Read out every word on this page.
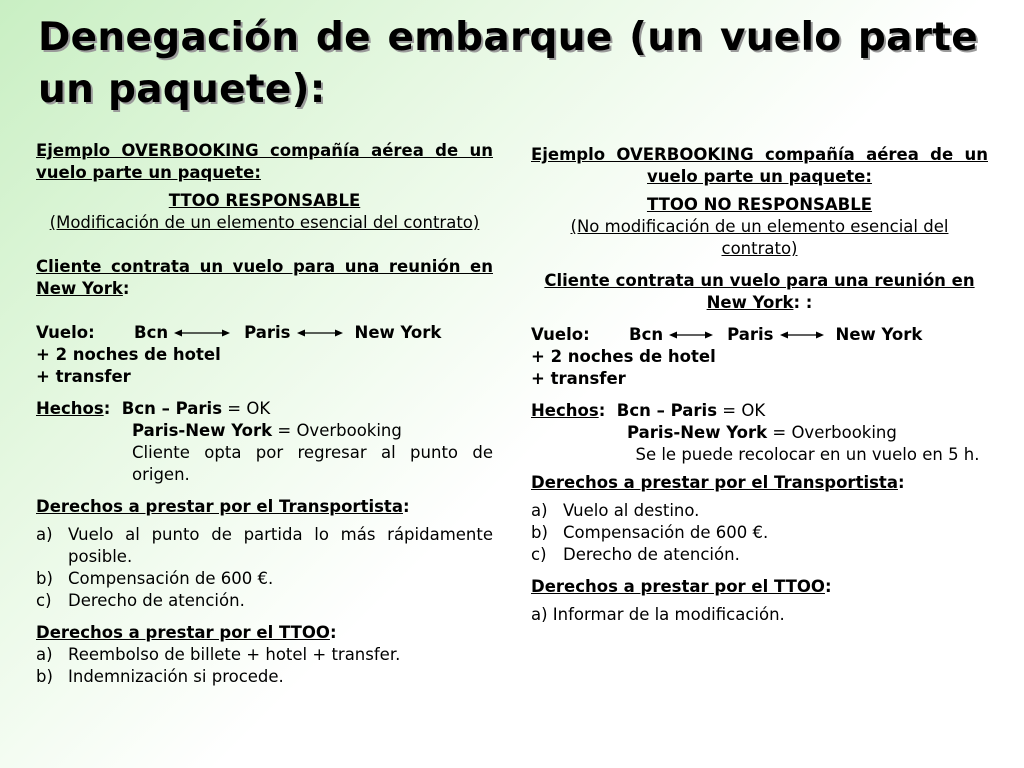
Denegación de embarque (un vuelo parte un paquete):
Ejemplo OVERBOOKING compañía aérea de un vuelo parte un paquete:
TTOO RESPONSABLE
(Modificación de un elemento esencial del contrato)
Cliente contrata un vuelo para una reunión en New York:
Vuelo:	Bcn	Paris	New York
+ 2 noches de hotel
+ transfer
Hechos:  Bcn – Paris = OK
Paris-New York = Overbooking
Cliente opta por regresar al punto de origen.
Derechos a prestar por el Transportista:
a) Vuelo al punto de partida lo más rápidamente posible.
b) Compensación de 600 €.
c) Derecho de atención.
Derechos a prestar por el TTOO:
a) Reembolso de billete + hotel + transfer.
b) Indemnización si procede.
Ejemplo OVERBOOKING compañía aérea de un vuelo parte un paquete:
TTOO NO RESPONSABLE
(No modificación de un elemento esencial del contrato)
Cliente contrata un vuelo para una reunión en New York: :
Vuelo:	Bcn	Paris	New York
+ 2 noches de hotel
+ transfer
Hechos:  Bcn – Paris = OK
Paris-New York = Overbooking
Se le puede recolocar en un vuelo en 5 h.
Derechos a prestar por el Transportista:
a) Vuelo al destino.
b) Compensación de 600 €.
c) Derecho de atención.
Derechos a prestar por el TTOO:
a) Informar de la modificación.
